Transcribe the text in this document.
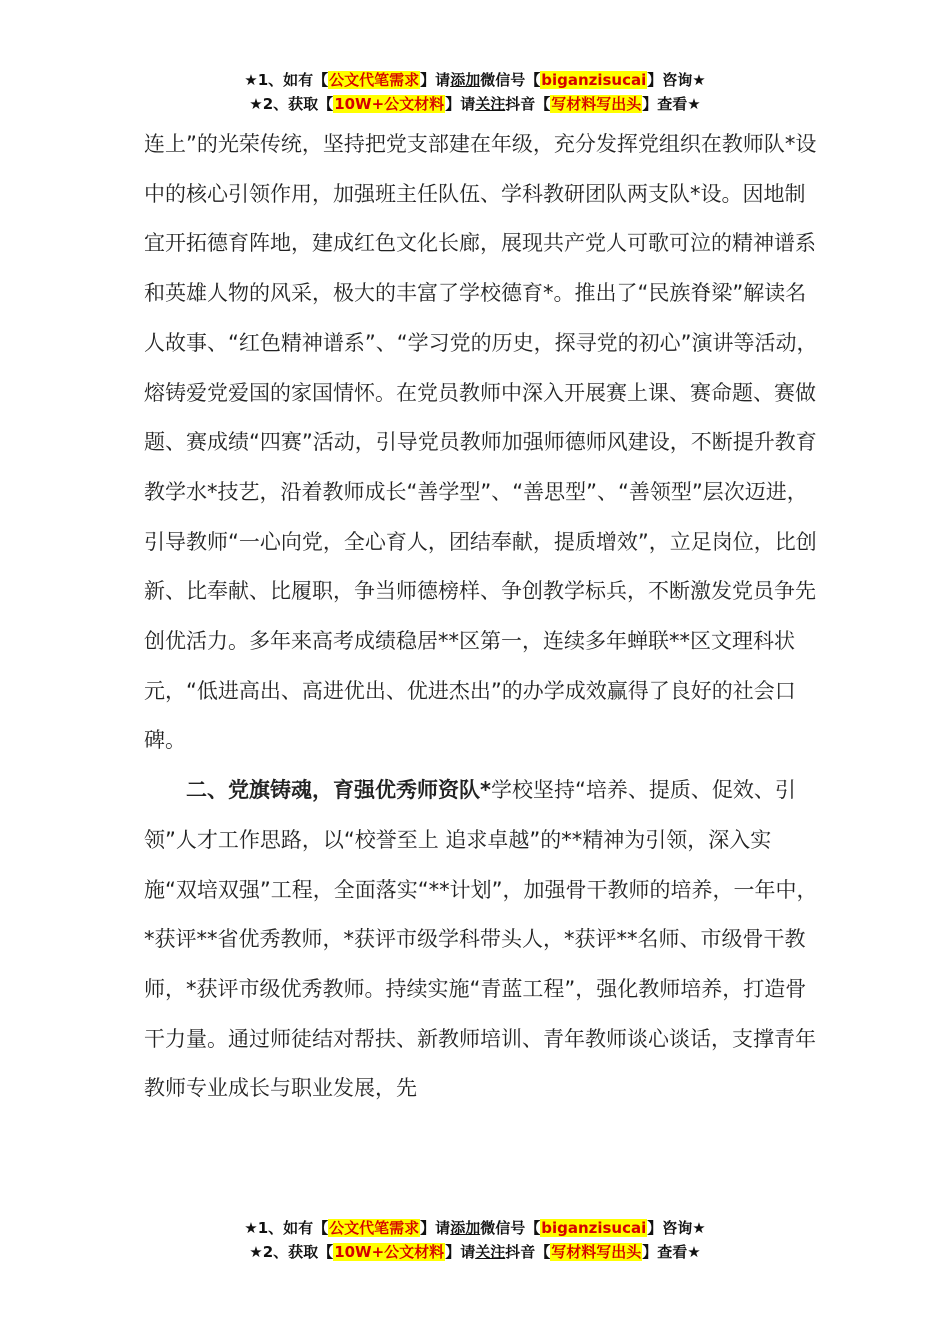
★1、如有【公文代笔需求】请添加微信号【biganzisucai】咨询★
★2、获取【10W+公文材料】请关注抖音【写材料写出头】查看★

连上”的光荣传统，坚持把党支部建在年级，充分发挥党组织在教师队*设中的核心引领作用，加强班主任队伍、学科教研团队两支队*设。因地制宜开拓德育阵地，建成红色文化长廊，展现共产党人可歌可泣的精神谱系和英雄人物的风采，极大的丰富了学校德育*。推出了“民族脊梁”解读名人故事、“红色精神谱系”、“学习党的历史，探寻党的初心”演讲等活动，熔铸爱党爱国的家国情怀。在党员教师中深入开展赛上课、赛命题、赛做题、赛成绩“四赛”活动，引导党员教师加强师德师风建设，不断提升教育教学水*技艺，沿着教师成长“善学型”、“善思型”、“善领型”层次迈进，引导教师“一心向党，全心育人，团结奉献，提质增效”，立足岗位，比创新、比奉献、比履职，争当师德榜样、争创教学标兵，不断激发党员争先创优活力。多年来高考成绩稳居**区第一，连续多年蝉联**区文理科状元，“低进高出、高进优出、优进杰出”的办学成效赢得了良好的社会口碑。

二、党旗铸魂，育强优秀师资队*学校坚持“培养、提质、促效、引领”人才工作思路，以“校誉至上 追求卓越”的**精神为引领，深入实施“双培双强”工程，全面落实“**计划”，加强骨干教师的培养，一年中，*获评**省优秀教师，*获评市级学科带头人，*获评**名师、市级骨干教师，*获评市级优秀教师。持续实施“青蓝工程”，强化教师培养，打造骨干力量。通过师徒结对帮扶、新教师培训、青年教师谈心谈话，支撑青年教师专业成长与职业发展，先

★1、如有【公文代笔需求】请添加微信号【biganzisucai】咨询★
★2、获取【10W+公文材料】请关注抖音【写材料写出头】查看★
